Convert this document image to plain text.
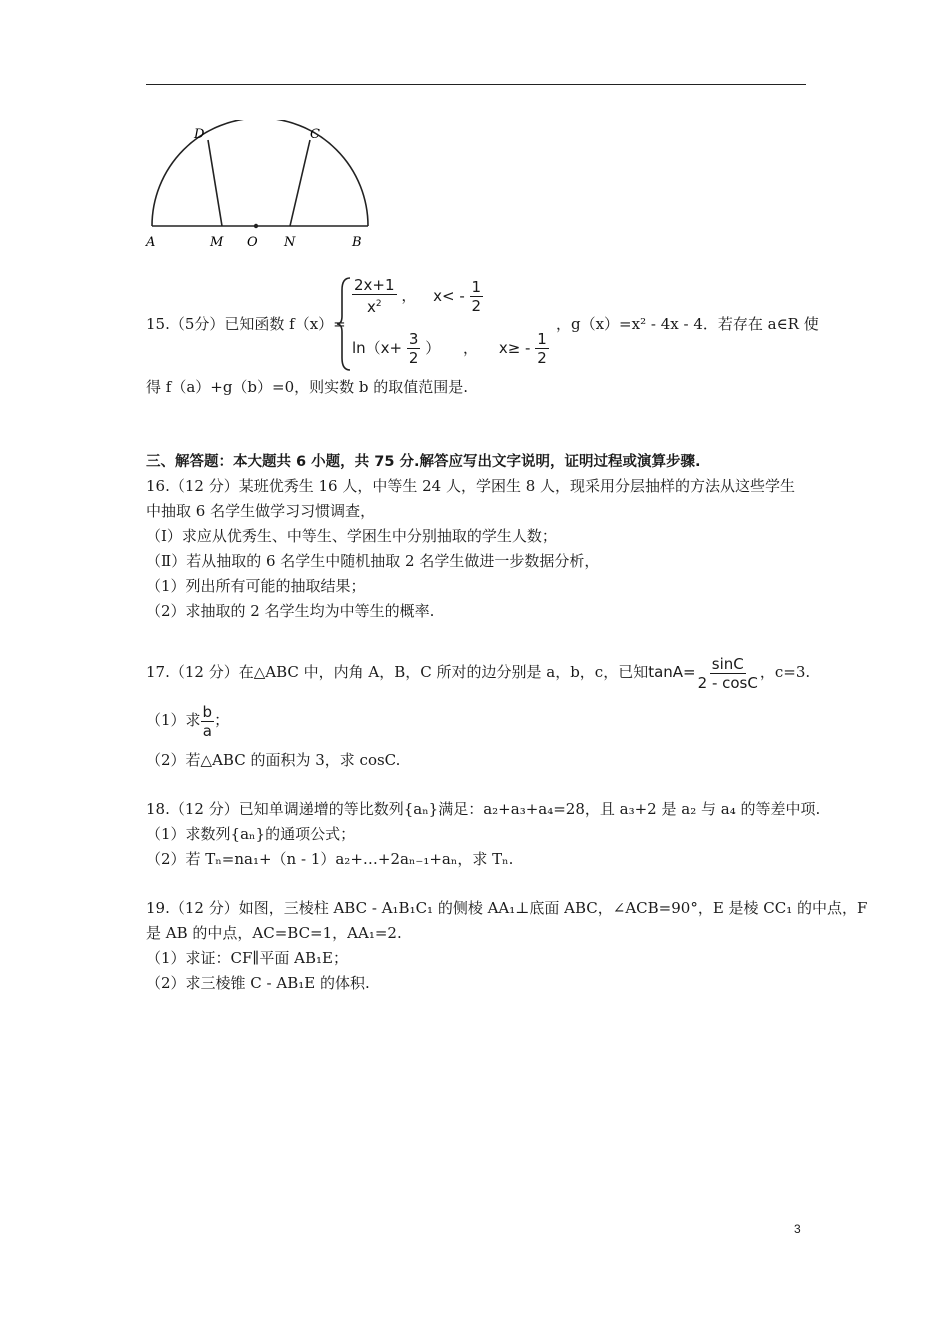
A	M O N	B
D	C
15.（5分）已知函数 f（x）=
$\frac{2x+1}{x^2}$ ， $x< - \frac{1}{2}$
$\ln(x+ \frac{3}{2}$ ） ， $x\ge - \frac{1}{2}$
，g（x）=x² - 4x - 4．若存在 a∈R 使
得 f（a）+g（b）=0，则实数 b 的取值范围是.
三、解答题：本大题共 6 小题，共 75 分.解答应写出文字说明，证明过程或演算步骤.
16.（12 分）某班优秀生 16 人，中等生 24 人，学困生 8 人，现采用分层抽样的方法从这些学生
中抽取 6 名学生做学习习惯调查，
（Ⅰ）求应从优秀生、中等生、学困生中分别抽取的学生人数；
（Ⅱ）若从抽取的 6 名学生中随机抽取 2 名学生做进一步数据分析，
（1）列出所有可能的抽取结果；
（2）求抽取的 2 名学生均为中等生的概率.
17.（12 分）在△ABC 中，内角 A，B，C 所对的边分别是 a，b，c，已知$\tan A= \frac{\sin C}{2 - \cos C}$ ，c=3.
（1）求 $\frac{b}{a}$ ；
（2）若△ABC 的面积为 3，求 cosC.
18.（12 分）已知单调递增的等比数列{aₙ}满足：a₂+a₃+a₄=28，且 a₃+2 是 a₂ 与 a₄ 的等差中项.
（1）求数列{aₙ}的通项公式；
（2）若 Tₙ=na₁+（n - 1）a₂+…+2aₙ₋₁+aₙ，求 Tₙ.
19.（12 分）如图，三棱柱 ABC - A₁B₁C₁ 的侧棱 AA₁⊥底面 ABC，∠ACB=90°，E 是棱 CC₁ 的中点，F
是 AB 的中点，AC=BC=1，AA₁=2.
（1）求证：CF∥平面 AB₁E；
（2）求三棱锥 C - AB₁E 的体积.
3
